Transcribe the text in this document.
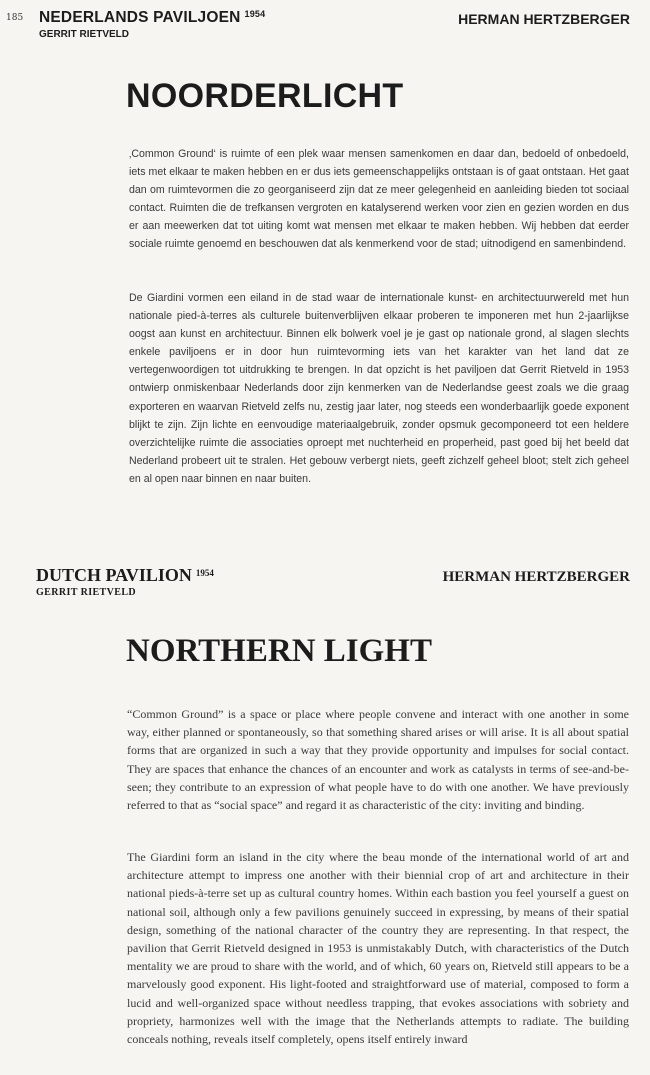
185 NEDERLANDS PAVILJOEN $^{1954}$
GERRIT RIETVELD
HERMAN HERTZBERGER
NOORDERLICHT

‚Common Ground‘ is ruimte of een plek waar mensen samenkomen en daar dan, bedoeld of onbedoeld, iets met elkaar te maken hebben en er dus iets gemeenschappelijks ontstaan is of gaat ontstaan. Het gaat dan om ruimtevormen die zo georganiseerd zijn dat ze meer gelegenheid en aanleiding bieden tot sociaal contact. Ruimten die de trefkansen vergroten en katalyserend werken voor zien en gezien worden en dus er aan meewerken dat tot uiting komt wat mensen met elkaar te maken hebben. Wij hebben dat eerder sociale ruimte genoemd en beschouwen dat als kenmerkend voor de stad; uitnodigend en samenbindend.

De Giardini vormen een eiland in de stad waar de internationale kunst- en architectuurwereld met hun nationale pied-à-terres als culturele buitenverblijven elkaar proberen te imponeren met hun 2-jaarlijkse oogst aan kunst en architectuur. Binnen elk bolwerk voel je je gast op nationale grond, al slagen slechts enkele paviljoens er in door hun ruimtevorming iets van het karakter van het land dat ze vertegenwoordigen tot uitdrukking te brengen. In dat opzicht is het paviljoen dat Gerrit Rietveld in 1953 ontwierp onmiskenbaar Nederlands door zijn kenmerken van de Nederlandse geest zoals we die graag exporteren en waarvan Rietveld zelfs nu, zestig jaar later, nog steeds een wonderbaarlijk goede exponent blijkt te zijn. Zijn lichte en eenvoudige materiaalgebruik, zonder opsmuk gecomponeerd tot een heldere overzichtelijke ruimte die associaties oproept met nuchterheid en properheid, past goed bij het beeld dat Nederland probeert uit te stralen. Het gebouw verbergt niets, geeft zichzelf geheel bloot; stelt zich geheel en al open naar binnen en naar buiten.

DUTCH PAVILION $^{1954}$
GERRIT RIETVELD
HERMAN HERTZBERGER
NORTHERN LIGHT

“Common Ground” is a space or place where people convene and interact with one another in some way, either planned or spontaneously, so that something shared arises or will arise. It is all about spatial forms that are organized in such a way that they provide opportunity and impulses for social contact. They are spaces that enhance the chances of an encounter and work as catalysts in terms of see-and-be-seen; they contribute to an expression of what people have to do with one another. We have previously referred to that as “social space” and regard it as characteristic of the city: inviting and binding.

The Giardini form an island in the city where the beau monde of the international world of art and architecture attempt to impress one another with their biennial crop of art and architecture in their national pieds-à-terre set up as cultural country homes. Within each bastion you feel yourself a guest on national soil, although only a few pavilions genuinely succeed in expressing, by means of their spatial design, something of the national character of the country they are representing. In that respect, the pavilion that Gerrit Rietveld designed in 1953 is unmistakably Dutch, with characteristics of the Dutch mentality we are proud to share with the world, and of which, 60 years on, Rietveld still appears to be a marvelously good exponent. His light-footed and straightforward use of material, composed to form a lucid and well-organized space without needless trapping, that evokes associations with sobriety and propriety, harmonizes well with the image that the Netherlands attempts to radiate. The building conceals nothing, reveals itself completely, opens itself entirely inward
